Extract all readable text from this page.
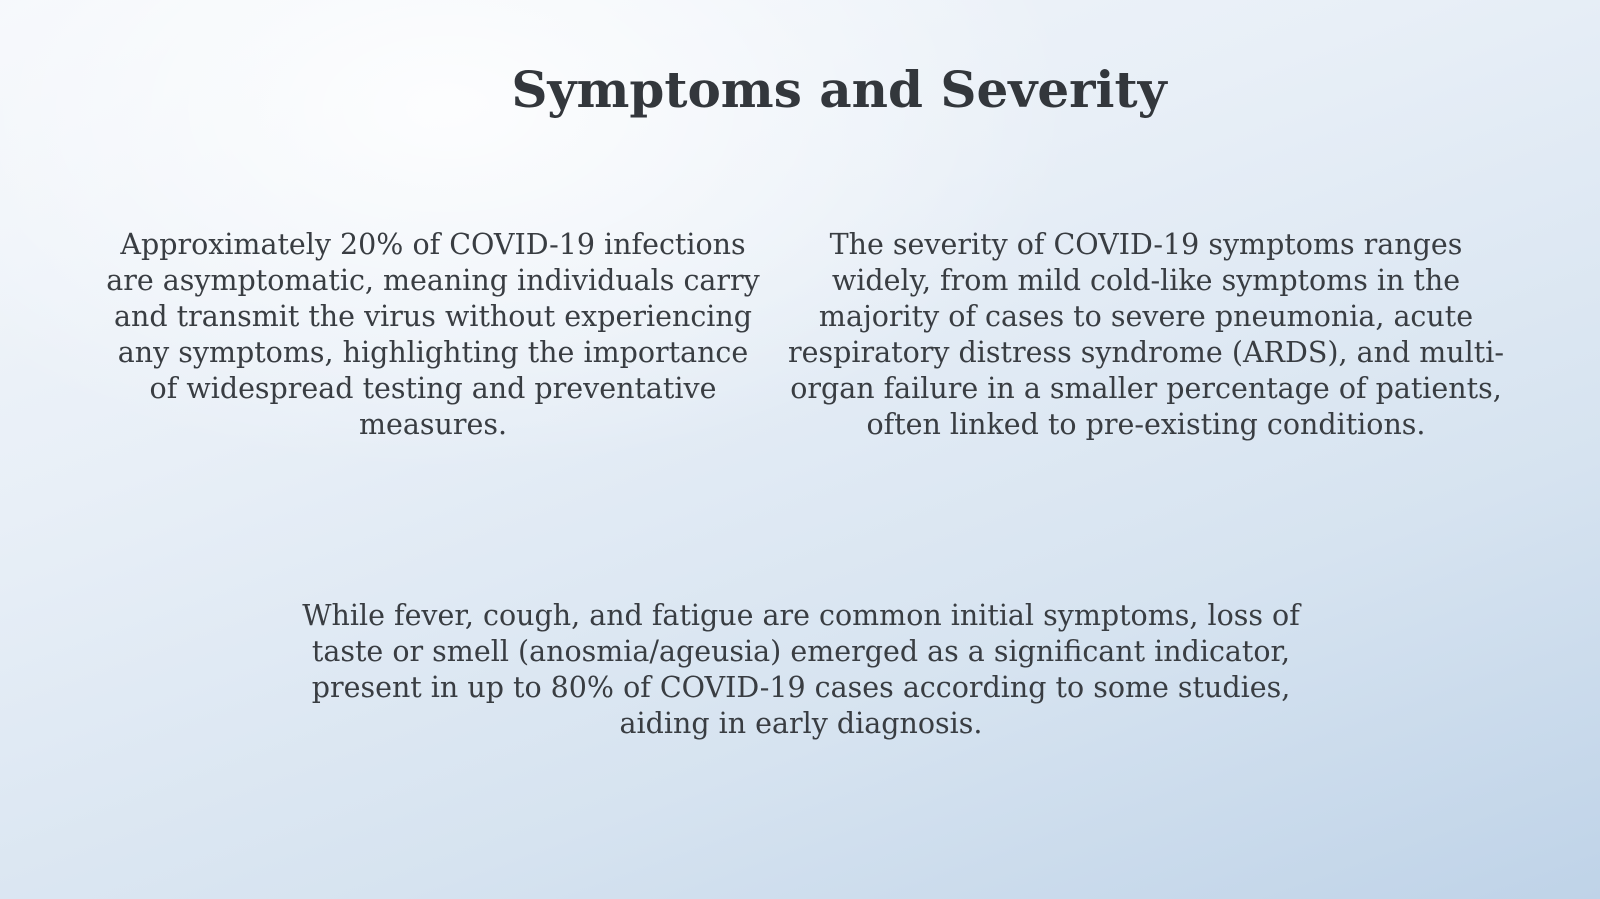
Symptoms and Severity

Approximately 20% of COVID-19 infections are asymptomatic, meaning individuals carry and transmit the virus without experiencing any symptoms, highlighting the importance of widespread testing and preventative measures.

The severity of COVID-19 symptoms ranges widely, from mild cold-like symptoms in the majority of cases to severe pneumonia, acute respiratory distress syndrome (ARDS), and multi-organ failure in a smaller percentage of patients, often linked to pre-existing conditions.

While fever, cough, and fatigue are common initial symptoms, loss of taste or smell (anosmia/ageusia) emerged as a significant indicator, present in up to 80% of COVID-19 cases according to some studies, aiding in early diagnosis.
